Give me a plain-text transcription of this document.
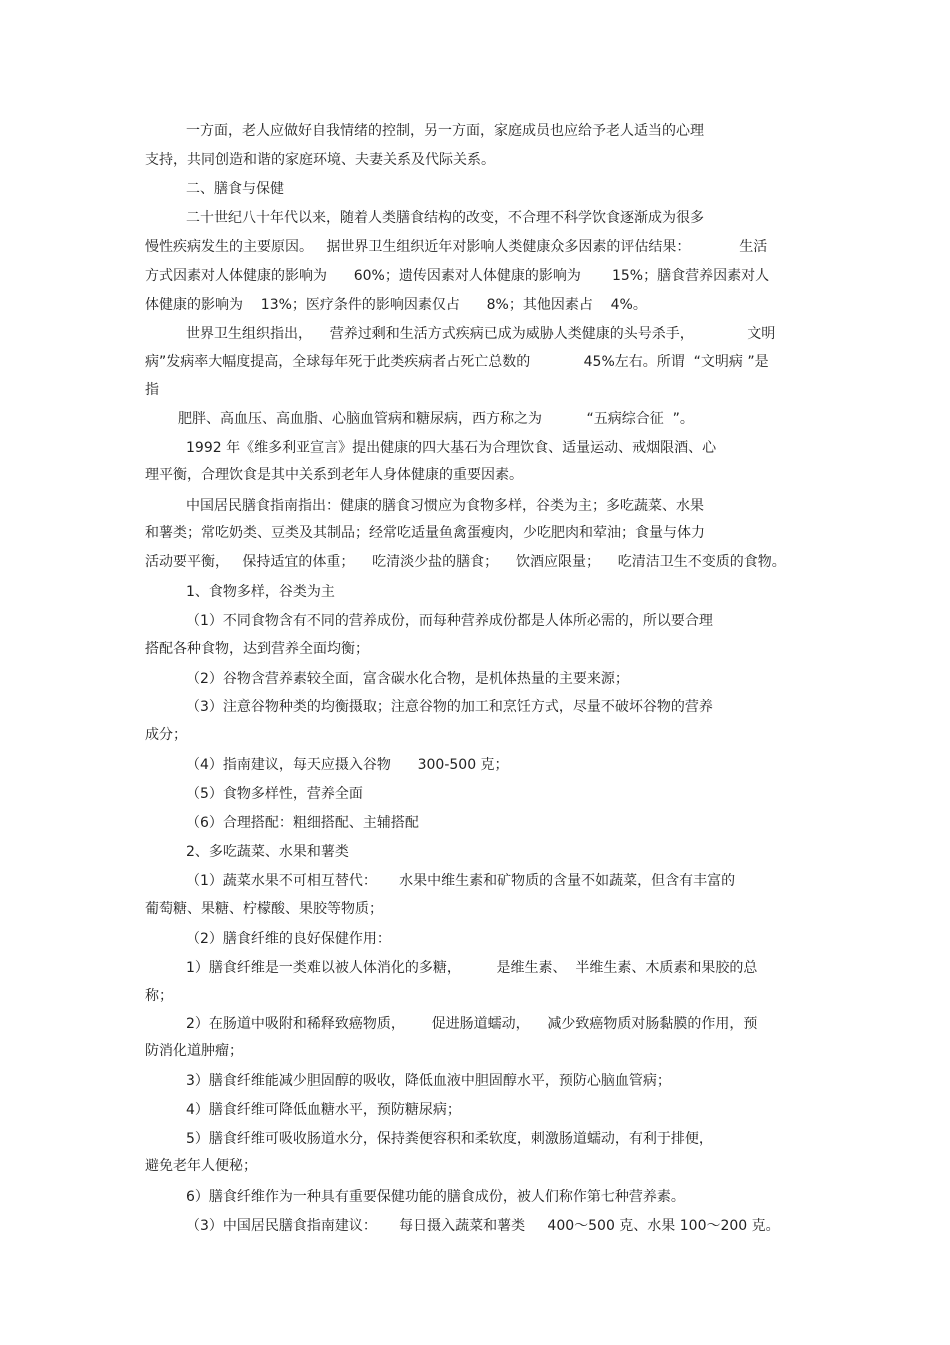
一方面，老人应做好自我情绪的控制，另一方面，家庭成员也应给予老人适当的心理

支持，共同创造和谐的家庭环境、夫妻关系及代际关系。

二、膳食与保健

二十世纪八十年代以来，随着人类膳食结构的改变，不合理不科学饮食逐渐成为很多

慢性疾病发生的主要原因。   据世界卫生组织近年对影响人类健康众多因素的评估结果：           生活

方式因素对人体健康的影响为      60%；遗传因素对人体健康的影响为       15%；膳食营养因素对人

体健康的影响为    13%；医疗条件的影响因素仅占      8%；其他因素占    4%。

世界卫生组织指出，    营养过剩和生活方式疾病已成为威胁人类健康的头号杀手，            文明

病”发病率大幅度提高，全球每年死于此类疾病者占死亡总数的            45%左右。所谓  “文明病 ”是

指

肥胖、高血压、高血脂、心脑血管病和糖尿病，西方称之为          “五病综合征  ”。

1992 年《维多利亚宣言》提出健康的四大基石为合理饮食、适量运动、戒烟限酒、心

理平衡，合理饮食是其中关系到老年人身体健康的重要因素。

中国居民膳食指南指出：健康的膳食习惯应为食物多样，谷类为主；多吃蔬菜、水果

和薯类；常吃奶类、豆类及其制品；经常吃适量鱼禽蛋瘦肉，少吃肥肉和荤油；食量与体力

活动要平衡，   保持适宜的体重；    吃清淡少盐的膳食；    饮酒应限量；    吃清洁卫生不变质的食物。

1、食物多样，谷类为主

（1）不同食物含有不同的营养成份，而每种营养成份都是人体所必需的，所以要合理

搭配各种食物，达到营养全面均衡；

（2）谷物含营养素较全面，富含碳水化合物，是机体热量的主要来源；

（3）注意谷物种类的均衡摄取；注意谷物的加工和烹饪方式，尽量不破坏谷物的营养

成分；

（4）指南建议，每天应摄入谷物      300-500 克；

（5）食物多样性，营养全面

（6）合理搭配：粗细搭配、主辅搭配

2、多吃蔬菜、水果和薯类

（1）蔬菜水果不可相互替代：     水果中维生素和矿物质的含量不如蔬菜，但含有丰富的

葡萄糖、果糖、柠檬酸、果胶等物质；

（2）膳食纤维的良好保健作用：

1）膳食纤维是一类难以被人体消化的多糖，        是维生素、  半维生素、木质素和果胶的总

称；

2）在肠道中吸附和稀释致癌物质，      促进肠道蠕动，    减少致癌物质对肠黏膜的作用，预

防消化道肿瘤；

3）膳食纤维能减少胆固醇的吸收，降低血液中胆固醇水平，预防心脑血管病；

4）膳食纤维可降低血糖水平，预防糖尿病；

5）膳食纤维可吸收肠道水分，保持粪便容积和柔软度，刺激肠道蠕动，有利于排便，

避免老年人便秘；

6）膳食纤维作为一种具有重要保健功能的膳食成份，被人们称作第七种营养素。

（3）中国居民膳食指南建议：     每日摄入蔬菜和薯类     400～500 克、水果 100～200 克。
